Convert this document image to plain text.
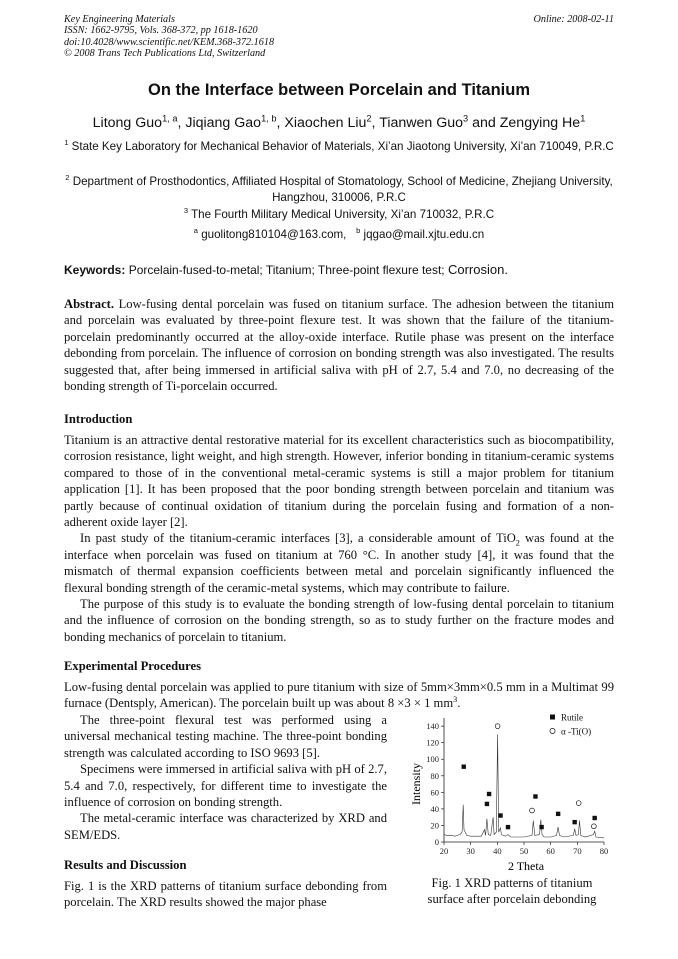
Key Engineering Materials
ISSN: 1662-9795, Vols. 368-372, pp 1618-1620
doi:10.4028/www.scientific.net/KEM.368-372.1618
© 2008 Trans Tech Publications Ltd, Switzerland
Online: 2008-02-11
On the Interface between Porcelain and Titanium
Litong Guo$^{1, a}$, Jiqiang Gao$^{1, b}$, Xiaochen Liu$^2$, Tianwen Guo$^3$ and Zengying He$^1$
$^1$ State Key Laboratory for Mechanical Behavior of Materials, Xi’an Jiaotong University, Xi’an 710049, P.R.C
$^2$ Department of Prosthodontics, Affiliated Hospital of Stomatology, School of Medicine, Zhejiang University, Hangzhou, 310006, P.R.C
$^3$ The Fourth Military Medical University, Xi’an 710032, P.R.C
$^a$ guolitong810104@163.com, $^b$ jqgao@mail.xjtu.edu.cn
Keywords: Porcelain-fused-to-metal; Titanium; Three-point flexure test; Corrosion.
Abstract. Low-fusing dental porcelain was fused on titanium surface. The adhesion between the titanium and porcelain was evaluated by three-point flexure test. It was shown that the failure of the titanium-porcelain predominantly occurred at the alloy-oxide interface. Rutile phase was present on the interface debonding from porcelain. The influence of corrosion on bonding strength was also investigated. The results suggested that, after being immersed in artificial saliva with pH of 2.7, 5.4 and 7.0, no decreasing of the bonding strength of Ti-porcelain occurred.
Introduction
Titanium is an attractive dental restorative material for its excellent characteristics such as biocompatibility, corrosion resistance, light weight, and high strength. However, inferior bonding in titanium-ceramic systems compared to those of in the conventional metal-ceramic systems is still a major problem for titanium application [1]. It has been proposed that the poor bonding strength between porcelain and titanium was partly because of continual oxidation of titanium during the porcelain fusing and formation of a non- adherent oxide layer [2].
In past study of the titanium-ceramic interfaces [3], a considerable amount of TiO$_2$ was found at the interface when porcelain was fused on titanium at 760 °C. In another study [4], it was found that the mismatch of thermal expansion coefficients between metal and porcelain significantly influenced the flexural bonding strength of the ceramic-metal systems, which may contribute to failure.
The purpose of this study is to evaluate the bonding strength of low-fusing dental porcelain to titanium and the influence of corrosion on the bonding strength, so as to study further on the fracture modes and bonding mechanics of porcelain to titanium.
Experimental Procedures
Low-fusing dental porcelain was applied to pure titanium with size of 5mm×3mm×0.5 mm in a Multimat 99 furnace (Dentsply, American). The porcelain built up was about 8 ×3 × 1 $mm^3$.
The three-point flexural test was performed using a universal mechanical testing machine. The three-point bonding strength was calculated according to ISO 9693 [5].
Specimens were immersed in artificial saliva with pH of 2.7, 5.4 and 7.0, respectively, for different time to investigate the influence of corrosion on bonding strength.
The metal-ceramic interface was characterized by XRD and SEM/EDS.
Results and Discussion
Fig. 1 is the XRD patterns of titanium surface debonding from porcelain. The XRD results showed the major phase
20 30 40 50 60 70 80
0
20
40
60
80
100
120
140
Rutile
α -Ti(O)
Intensity
2 Theta
Fig. 1 XRD patterns of titanium
surface after porcelain debonding
